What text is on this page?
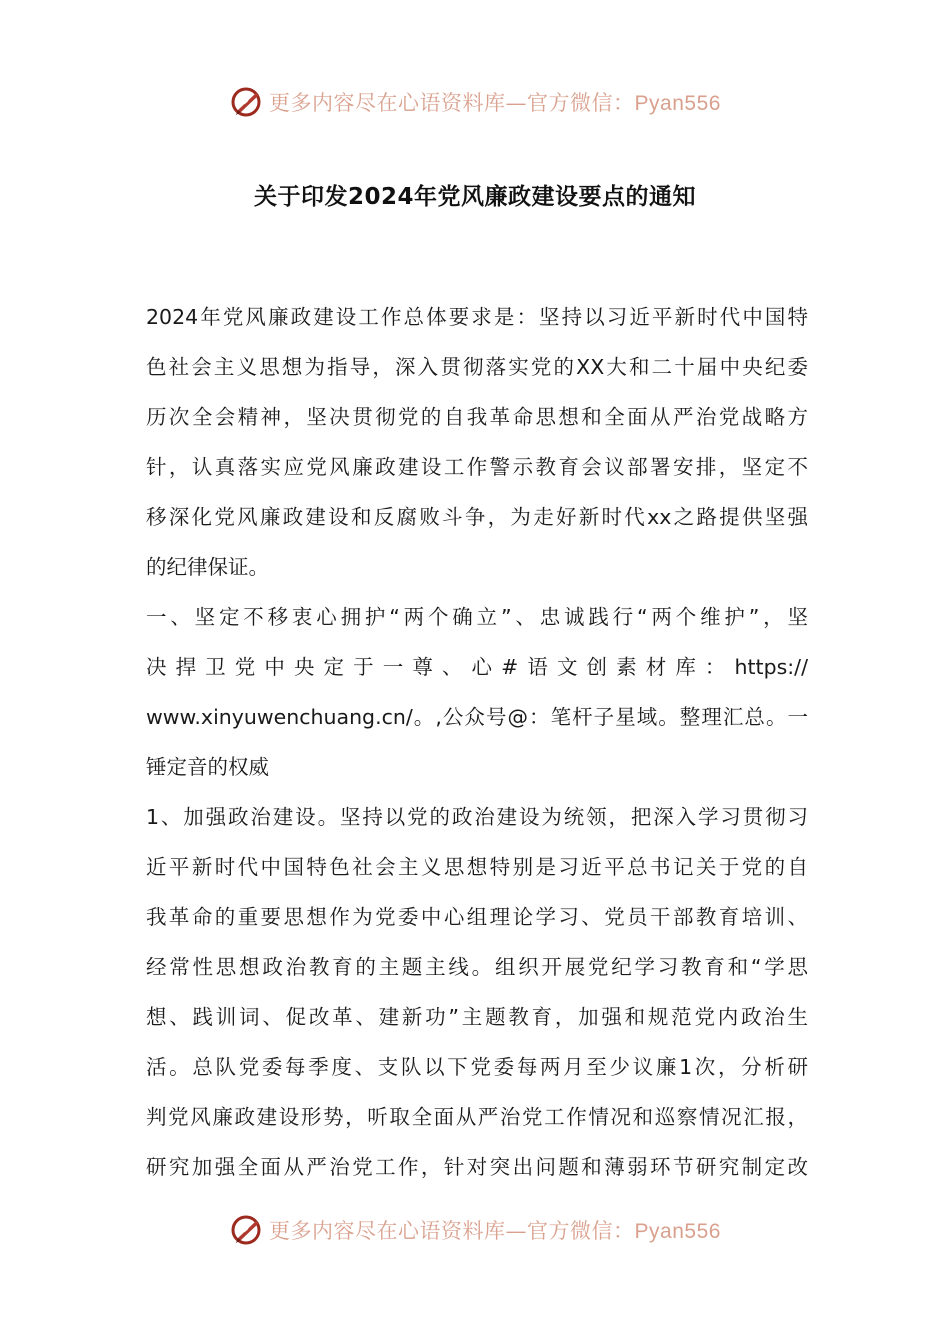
更多内容尽在心语资料库—官方微信：Pyan556
关于印发2024年党风廉政建设要点的通知
2024年党风廉政建设工作总体要求是：坚持以习近平新时代中国特
色社会主义思想为指导，深入贯彻落实党的XX大和二十届中央纪委
历次全会精神，坚决贯彻党的自我革命思想和全面从严治党战略方
针，认真落实应党风廉政建设工作警示教育会议部署安排，坚定不
移深化党风廉政建设和反腐败斗争，为走好新时代xx之路提供坚强
的纪律保证。
一、坚定不移衷心拥护“两个确立”、忠诚践行“两个维护”，坚
决捍卫党中央定于一尊、心#语文创素材库：https://
www.xinyuwenchuang.cn/。,公众号@：笔杆子星域。整理汇总。一
锤定音的权威
1、加强政治建设。坚持以党的政治建设为统领，把深入学习贯彻习
近平新时代中国特色社会主义思想特别是习近平总书记关于党的自
我革命的重要思想作为党委中心组理论学习、党员干部教育培训、
经常性思想政治教育的主题主线。组织开展党纪学习教育和“学思
想、践训词、促改革、建新功”主题教育，加强和规范党内政治生
活。总队党委每季度、支队以下党委每两月至少议廉1次，分析研
判党风廉政建设形势，听取全面从严治党工作情况和巡察情况汇报，
研究加强全面从严治党工作，针对突出问题和薄弱环节研究制定改
更多内容尽在心语资料库—官方微信：Pyan556
